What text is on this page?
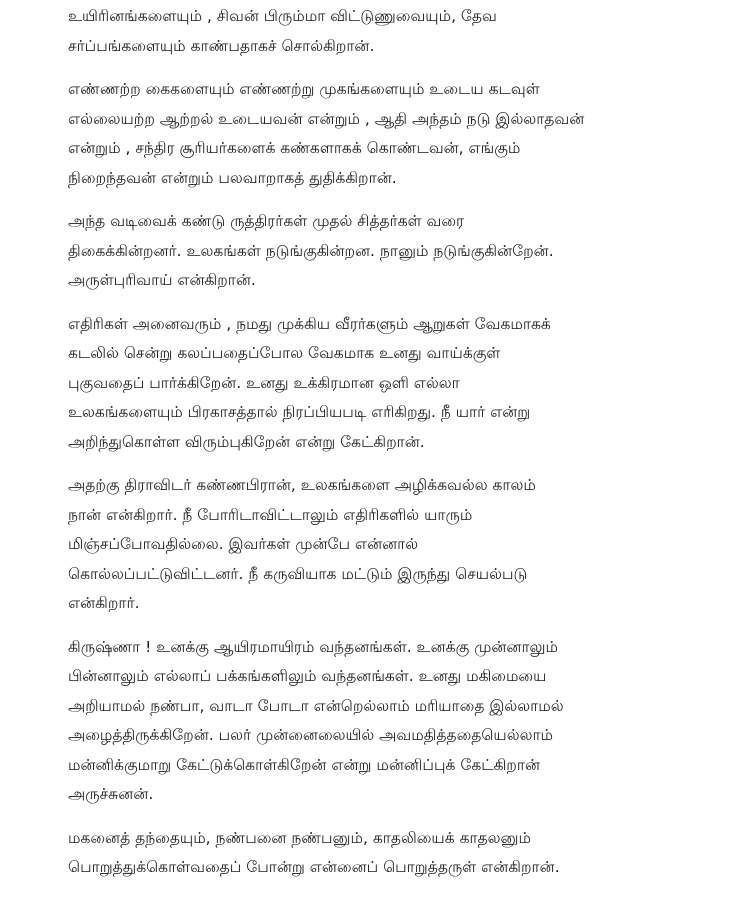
உயிரினங்களையும் , சிவன் பிரும்மா விட்டுணுவையும், தேவ
சர்ப்பங்களையும் காண்பதாகச் சொல்கிறான்.
எண்ணற்ற கைகளையும் எண்ணற்று முகங்களையும் உடைய கடவுள்
எல்லையற்ற ஆற்றல் உடையவன் என்றும் , ஆதி அந்தம் நடு இல்லாதவன்
என்றும் , சந்திர சூரியர்களைக் கண்களாகக் கொண்டவன், எங்கும்
நிறைந்தவன் என்றும் பலவாறாகத் துதிக்கிறான்.
அந்த வடிவைக் கண்டு ருத்திரர்கள் முதல் சித்தர்கள் வரை
திகைக்கின்றனர். உலகங்கள் நடுங்குகின்றன. நானும் நடுங்குகின்றேன்.
அருள்புரிவாய் என்கிறான்.
எதிரிகள் அனைவரும் , நமது முக்கிய வீரர்களும் ஆறுகள் வேகமாகக்
கடலில் சென்று கலப்பதைப்போல வேகமாக உனது வாய்க்குள்
புகுவதைப் பார்க்கிறேன். உனது உக்கிரமான ஒளி எல்லா
உலகங்களையும் பிரகாசத்தால் நிரப்பியபடி எரிகிறது. நீ யார் என்று
அறிந்துகொள்ள விரும்புகிறேன் என்று கேட்கிறான்.
அதற்கு திராவிடர் கண்ணபிரான், உலகங்களை அழிக்கவல்ல காலம்
நான் என்கிறார். நீ போரிடாவிட்டாலும் எதிரிகளில் யாரும்
மிஞ்சப்போவதில்லை. இவர்கள் முன்பே என்னால்
கொல்லப்பட்டுவிட்டனர். நீ கருவியாக மட்டும் இருந்து செயல்படு
என்கிறார்.
கிருஷ்ணா ! உனக்கு ஆயிரமாயிரம் வந்தனங்கள். உனக்கு முன்னாலும்
பின்னாலும் எல்லாப் பக்கங்களிலும் வந்தனங்கள். உனது மகிமையை
அறியாமல் நண்பா, வாடா போடா என்றெல்லாம் மரியாதை இல்லாமல்
அழைத்திருக்கிறேன். பலர் முன்னைலையில் அவமதித்ததையெல்லாம்
மன்னிக்குமாறு கேட்டுக்கொள்கிறேன் என்று மன்னிப்புக் கேட்கிறான்
அருச்சுனன்.
மகனைத் தந்தையும், நண்பனை நண்பனும், காதலியைக் காதலனும்
பொறுத்துக்கொள்வதைப் போன்று என்னைப் பொறுத்தருள் என்கிறான்.
